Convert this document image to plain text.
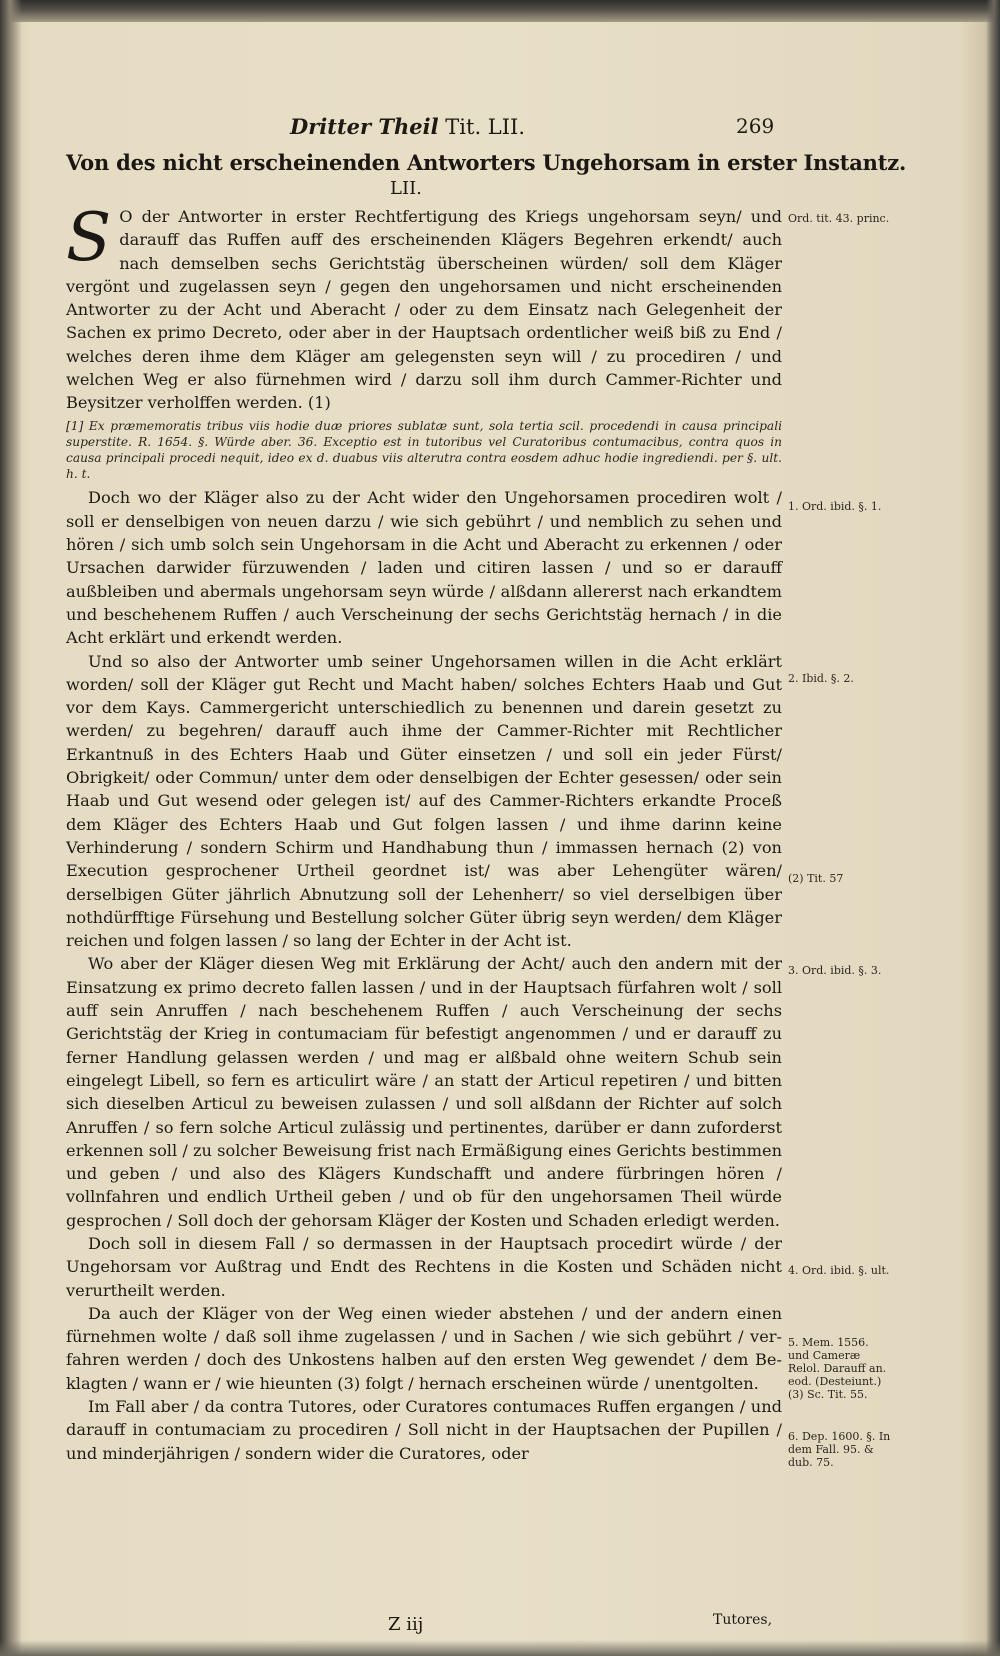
Dritter Theil Tit. LII.	269
Von des nicht erscheinenden Antworters Ungehorsam in erster Instantz.
LII.

S O der Antworter in erster Rechtfertigung des Kriegs ungehorsam seyn/ und darauff das Ruffen auff des erscheinenden Klägers Begehren erkendt/ auch nach demselben sechs Gerichtstäg überscheinen würden/ soll dem Kläger vergönt und zugelassen seyn / gegen den ungehorsamen und nicht erscheinenden Antworter zu der Acht und Aberacht / oder zu dem Einsatz nach Gelegenheit der Sachen ex primo Decreto, oder aber in der Hauptsach ordentlicher weiß biß zu End / welches deren ihme dem Kläger am gelegensten seyn will / zu procediren / und welchen Weg er also fürnehmen wird / darzu soll ihm durch Cammer-Richter und Beysitzer verholffen werden. (1)

[1] Ex præmemoratis tribus viis hodie duæ priores sublatæ sunt, sola tertia scil. procedendi in causa principali superstite. R. 1654. §. Würde aber. 36. Exceptio est in tutoribus vel Curatoribus contumacibus, contra quos in causa principali procedi nequit, ideo ex d. duabus viis alterutra contra eosdem adhuc hodie ingrediendi. per §. ult. h. t.

Doch wo der Kläger also zu der Acht wider den Ungehorsamen procediren wolt / soll er denselbigen von neuen darzu / wie sich gebührt / und nemblich zu sehen und hören / sich umb solch sein Ungehorsam in die Acht und Aberacht zu erkennen / oder Ursachen darwider fürzuwenden / laden und citiren lassen / und so er darauff außbleiben und abermals ungehorsam seyn würde / alßdann allererst nach erkandtem und beschehenem Ruffen / auch Verscheinung der sechs Gerichtstäg hernach / in die Acht erklärt und erkendt werden.

Und so also der Antworter umb seiner Ungehorsamen willen in die Acht erklärt worden/ soll der Kläger gut Recht und Macht haben/ solches Echters Haab und Gut vor dem Kays. Cammergericht unterschiedlich zu benennen und darein gesetzt zu werden/ zu begehren/ darauff auch ihme der Cammer-Richter mit Rechtlicher Erkantnuß in des Echters Haab und Güter einsetzen / und soll ein jeder Fürst/ Obrigkeit/ oder Commun/ unter dem oder denselbigen der Echter gesessen/ oder sein Haab und Gut wesend oder gelegen ist/ auf des Cammer-Richters erkandte Proceß dem Kläger des Echters Haab und Gut folgen lassen / und ihme darinn keine Verhinderung / sondern Schirm und Handhabung thun / immassen hernach (2) von Execution gesprochener Urtheil geordnet ist/ was aber Lehengüter wären/ derselbigen Güter jährlich Abnutzung soll der Lehenherr/ so viel derselbigen über nothdürfftige Fürsehung und Bestellung solcher Güter übrig seyn werden/ dem Kläger reichen und folgen lassen / so lang der Echter in der Acht ist.

Wo aber der Kläger diesen Weg mit Erklärung der Acht/ auch den andern mit der Einsatzung ex primo decreto fallen lassen / und in der Hauptsach fürfahren wolt / soll auff sein Anruffen / nach beschehenem Ruffen / auch Verscheinung der sechs Gerichtstäg der Krieg in contumaciam für befestigt angenommen / und er darauff zu ferner Handlung gelassen werden / und mag er alßbald ohne weitern Schub sein eingelegt Libell, so fern es articulirt wäre / an statt der Articul repetiren / und bitten sich dieselben Articul zu beweisen zulassen / und soll alßdann der Richter auf solch Anruffen / so fern solche Articul zulässig und pertinentes, darüber er dann zuforderst erkennen soll / zu solcher Beweisung frist nach Ermäßigung eines Gerichts bestimmen und geben / und also des Klägers Kundschafft und andere fürbringen hören / vollnfahren und endlich Urtheil geben / und ob für den ungehorsamen Theil würde gesprochen / Soll doch der gehorsam Kläger der Kosten und Schaden erledigt werden.

Doch soll in diesem Fall / so dermassen in der Hauptsach procedirt würde / der Ungehorsam vor Außtrag und Endt des Rechtens in die Kosten und Schäden nicht verurtheilt werden.

Da auch der Kläger von der Weg einen wieder abstehen / und der andern einen fürnehmen wolte / daß soll ihme zugelassen / und in Sachen / wie sich gebührt / verfahren werden / doch des Unkostens halben auf den ersten Weg gewendet / dem Beklagten / wann er / wie hieunten (3) folgt / hernach erscheinen würde / unentgolten.

Im Fall aber / da contra Tutores, oder Curatores contumaces Ruffen ergangen / und darauff in contumaciam zu procediren / Soll nicht in der Hauptsachen der Pupillen / und minderjährigen / sondern wider die Curatores, oder

Ord. tit. 43. princ.
1. Ord. ibid. §. 1.
2. Ibid. §. 2.
(2) Tit. 57
3. Ord. ibid. §. 3.
4. Ord. ibid. §. ult.
5. Mem. 1556. und Cameræ Relol. Darauff an. eod. (Desteiunt.) (3) Sc. Tit. 55.
6. Dep. 1600. §. In dem Fall. 95. & dub. 75.
Z iij	Tutores,
